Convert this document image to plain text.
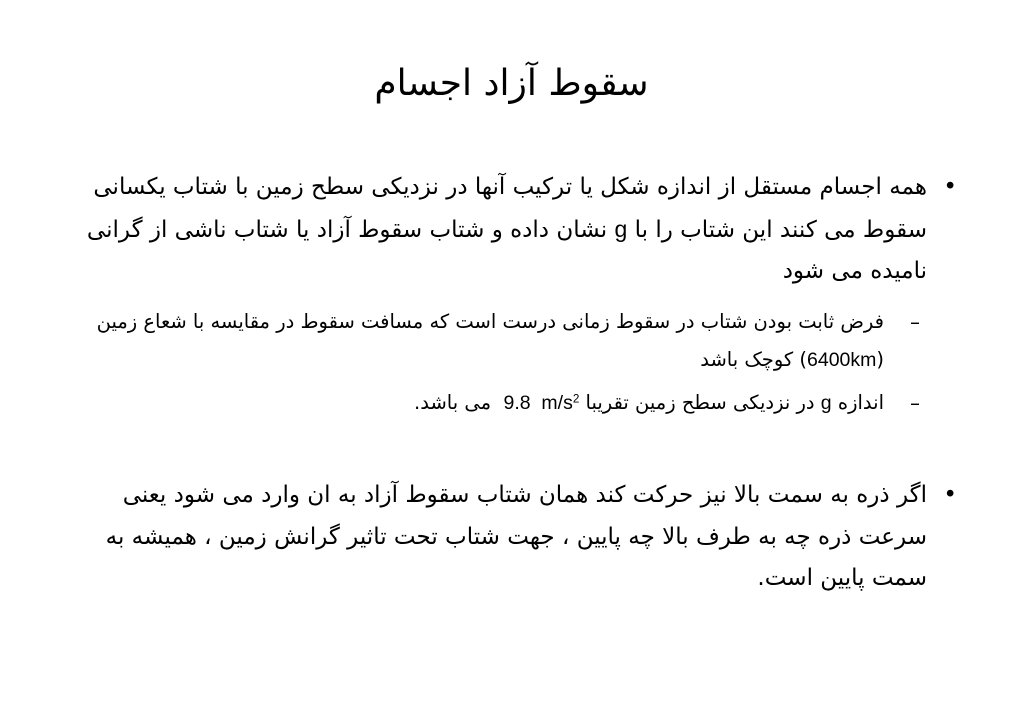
سقوط آزاد اجسام
•
همه اجسام مستقل از اندازه شکل یا ترکیب آنها در نزدیکی سطح زمین با شتاب یکسانی سقوط می کنند این شتاب را با g نشان داده و شتاب سقوط آزاد یا شتاب ناشی از گرانی نامیده می شود
–
فرض ثابت بودن شتاب در سقوط زمانی درست است که مسافت سقوط در مقایسه با شعاع زمین (6400km) کوچک باشد
–
اندازه g در نزدیکی سطح زمین تقریبا 9.8 $m/s^2$  می باشد.
•
اگر ذره به سمت بالا نیز حرکت کند همان شتاب سقوط آزاد به ان وارد می شود یعنی سرعت ذره چه به طرف بالا چه پایین ، جهت شتاب تحت تاثیر گرانش زمین ، همیشه به سمت پایین است.
